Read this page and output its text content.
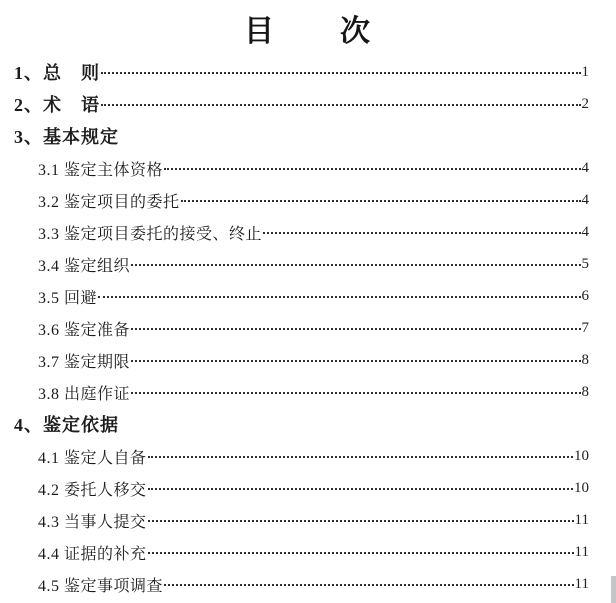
目　　次
1、总　则	1
2、术　语	2
3、基本规定
3.1 鉴定主体资格	4
3.2 鉴定项目的委托	4
3.3 鉴定项目委托的接受、终止	4
3.4 鉴定组织	5
3.5 回避	6
3.6 鉴定准备	7
3.7 鉴定期限	8
3.8 出庭作证	8
4、鉴定依据
4.1 鉴定人自备	10
4.2 委托人移交	10
4.3 当事人提交	11
4.4 证据的补充	11
4.5 鉴定事项调查	11
